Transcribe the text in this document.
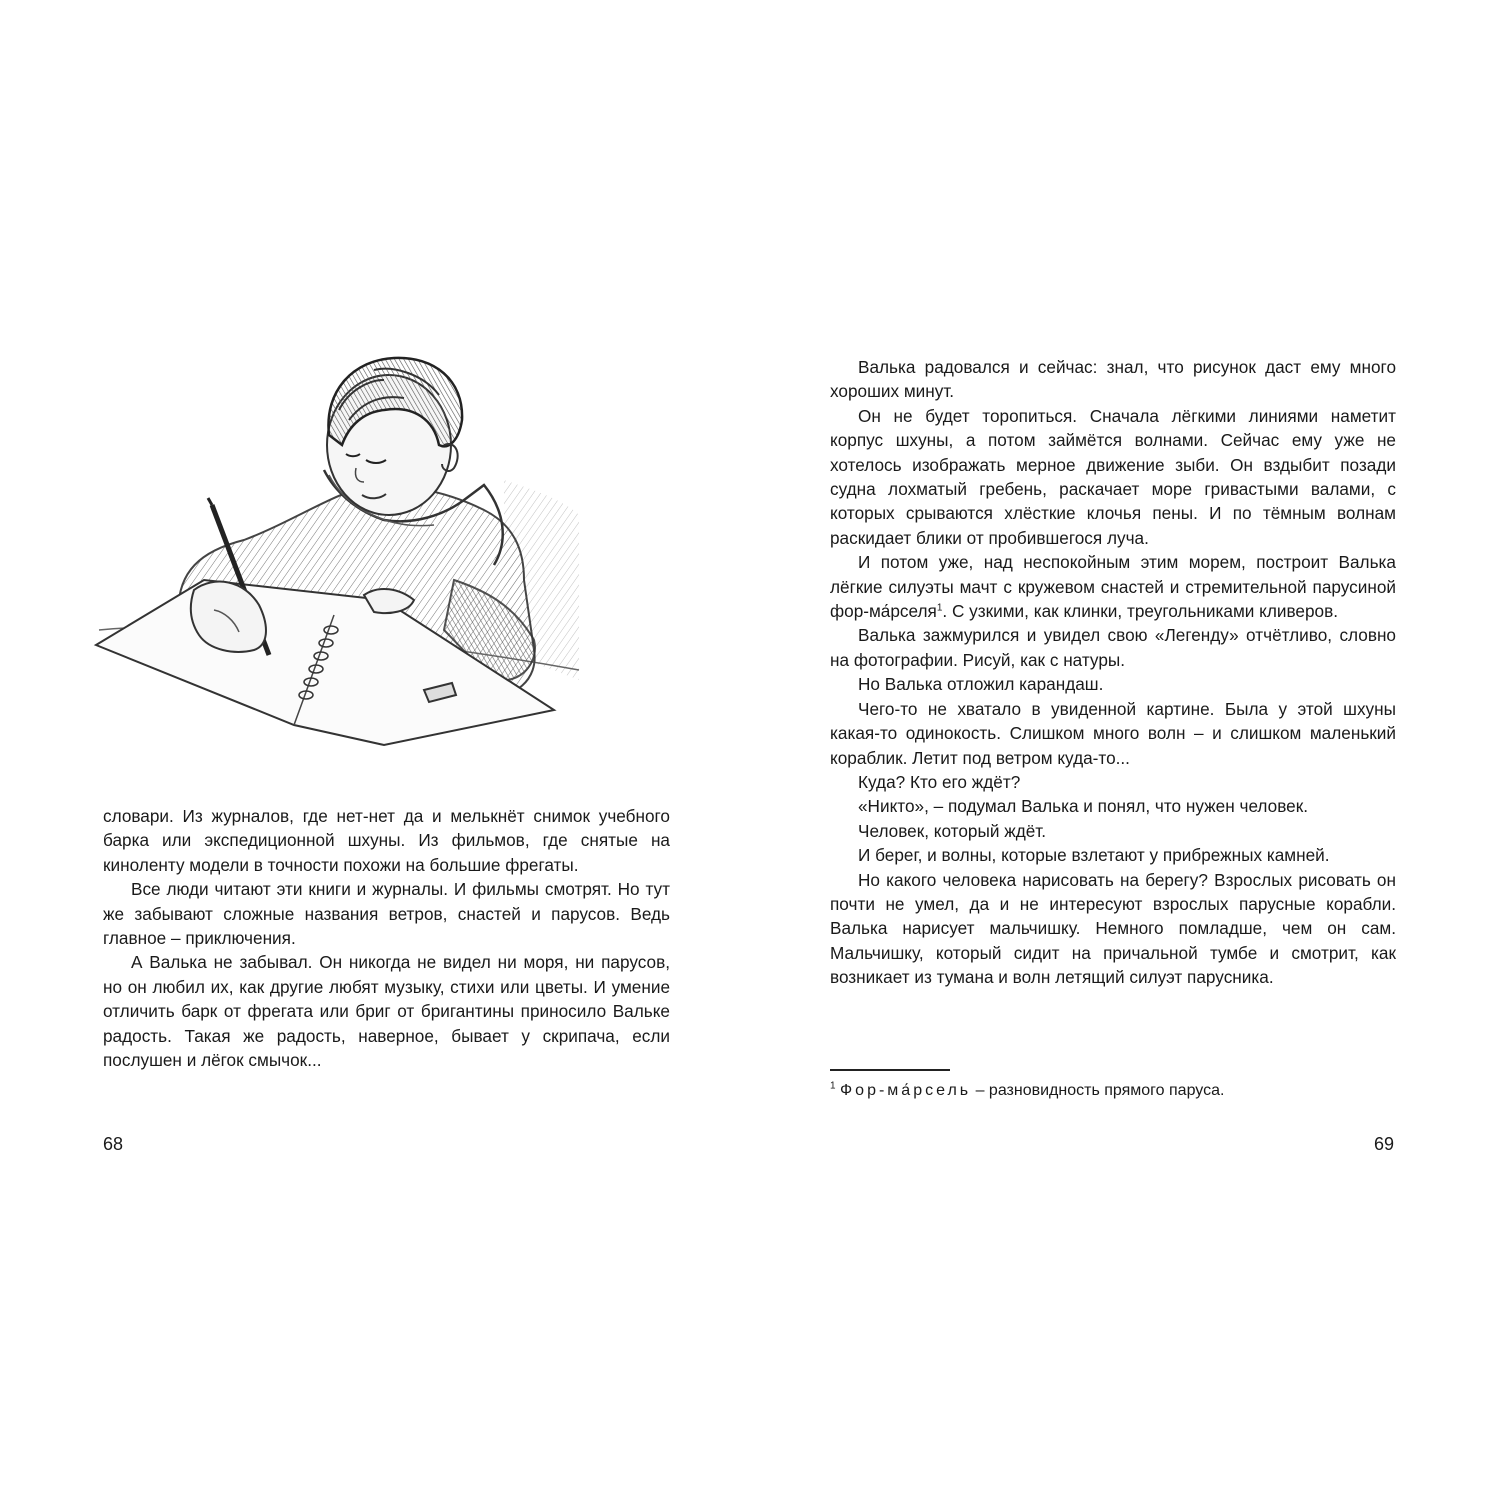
словари. Из журналов, где нет-нет да и мелькнёт снимок учебного барка или экспедиционной шхуны. Из фильмов, где снятые на киноленту модели в точности похожи на большие фрегаты.

Все люди читают эти книги и журналы. И фильмы смотрят. Но тут же забывают сложные названия ветров, снастей и парусов. Ведь главное – приключения.

А Валька не забывал. Он никогда не видел ни моря, ни парусов, но он любил их, как другие любят музыку, стихи или цветы. И умение отличить барк от фрегата или бриг от бригантины приносило Вальке радость. Такая же радость, наверное, бывает у скрипача, если послушен и лёгок смычок...

68

Валька радовался и сейчас: знал, что рисунок даст ему много хороших минут.

Он не будет торопиться. Сначала лёгкими линиями наметит корпус шхуны, а потом займётся волнами. Сейчас ему уже не хотелось изображать мерное движение зыби. Он вздыбит позади судна лохматый гребень, раскачает море гривастыми валами, с которых срываются хлёсткие клочья пены. И по тёмным волнам раскидает блики от пробившегося луча.

И потом уже, над неспокойным этим морем, построит Валька лёгкие силуэты мачт с кружевом снастей и стремительной парусиной фор-ма́рселя$^1$. С узкими, как клинки, треугольниками кливеров.

Валька зажмурился и увидел свою «Легенду» отчётливо, словно на фотографии. Рисуй, как с натуры.

Но Валька отложил карандаш.

Чего-то не хватало в увиденной картине. Была у этой шхуны какая-то одинокость. Слишком много волн – и слишком маленький кораблик. Летит под ветром куда-то...

Куда? Кто его ждёт?

«Никто», – подумал Валька и понял, что нужен человек.

Человек, который ждёт.

И берег, и волны, которые взлетают у прибрежных камней.

Но какого человека нарисовать на берегу? Взрослых рисовать он почти не умел, да и не интересуют взрослых парусные корабли. Валька нарисует мальчишку. Немного помладше, чем он сам. Мальчишку, который сидит на причальной тумбе и смотрит, как возникает из тумана и волн летящий силуэт парусника.

$^1$ Фор-ма́рсель – разновидность прямого паруса.
69
